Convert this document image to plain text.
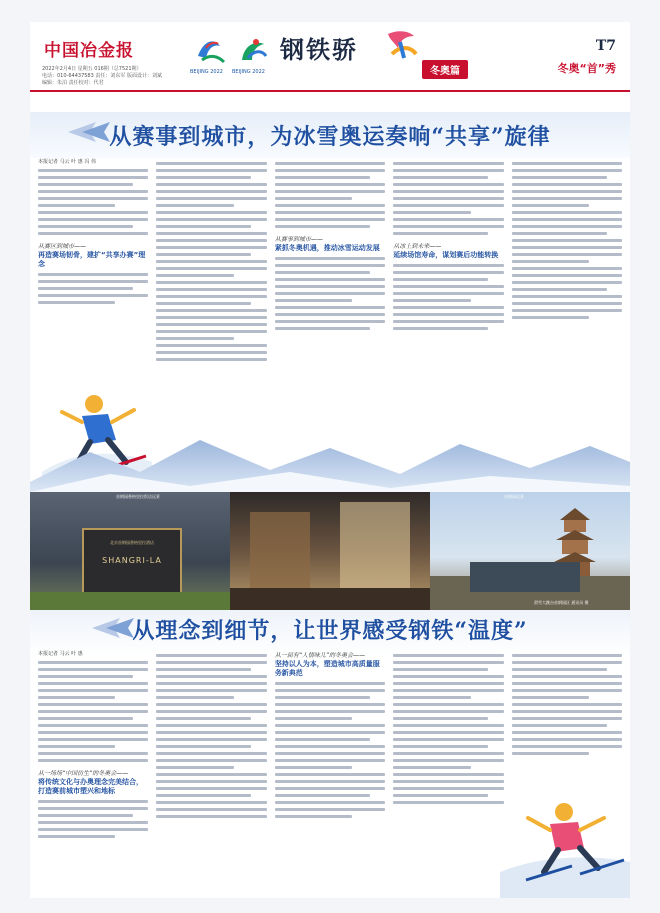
中国冶金报
2022年2月4日 星期五 016期（总7521期）
电话：010-64437583 责任：刘东军 版面设计：刘斌
编辑：朱泊 责任校对：代君
BEIJING 2022 BEIJING 2022
钢铁骄
冬奥篇
T7
冬奥“首”秀
从赛事到城市，为冰雪奥运奏响“共享”旋律
本报记者 马云 叶 惠 冯 伟
从赛区到城市——
再造赛场韧骨，建扩“共享办赛”理念
从赛事到城市——
紧抓冬奥机遇，推动冰雪运动发展	从冰上到未来——
延续场馆寿命，谋划赛后功能转换
北京首钢园香格里拉酒店
SHANGRI-LA
首钢园香格里拉饭店远景	首钢园远景
滑雪大跳台首钢园区 通讯员 摄
从理念到细节，让世界感受钢铁“温度”
本报记者 马云 叶 惠
从一场场“中国仿生”的冬奥会——
将传统文化与办奥理念完美结合，打造赛前城市塑兴和地标
从一届有“人情味儿”的冬奥会——
坚持以人为本，塑造城市高质量服务新典范
